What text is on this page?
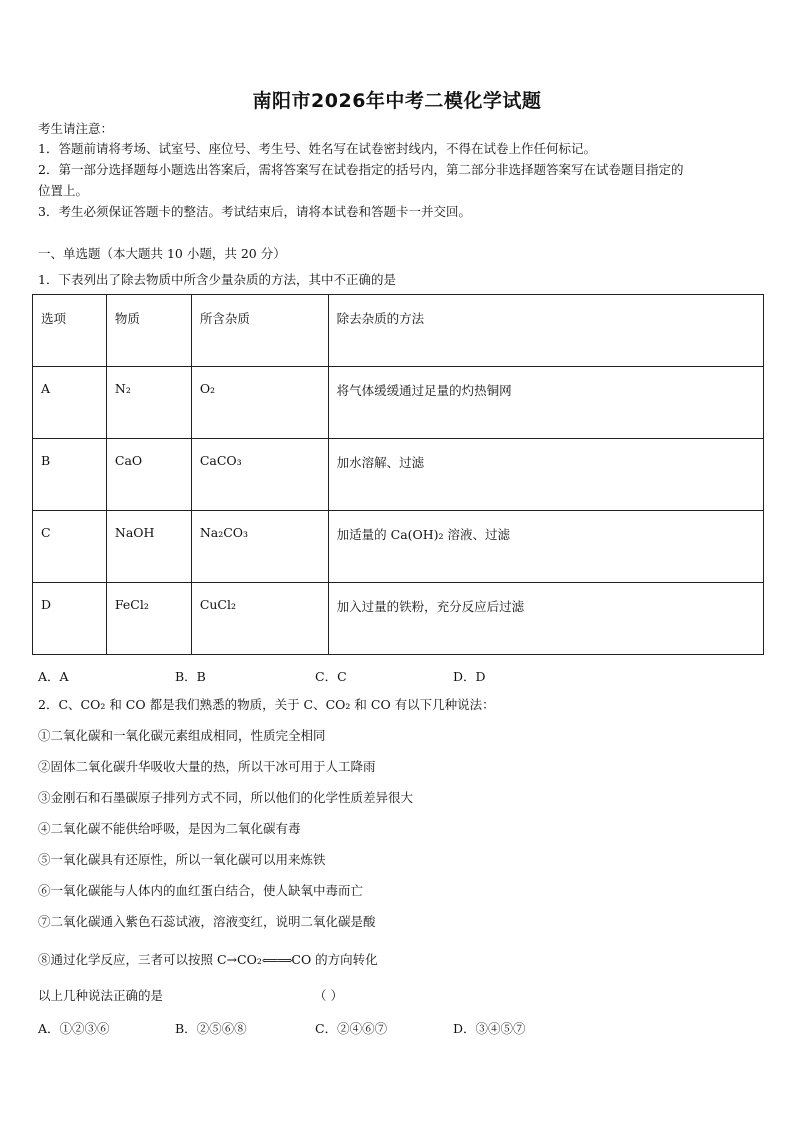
南阳市2026年中考二模化学试题
考生请注意：
1．答题前请将考场、试室号、座位号、考生号、姓名写在试卷密封线内，不得在试卷上作任何标记。
2．第一部分选择题每小题选出答案后，需将答案写在试卷指定的括号内，第二部分非选择题答案写在试卷题目指定的
位置上。
3．考生必须保证答题卡的整洁。考试结束后，请将本试卷和答题卡一并交回。
一、单选题（本大题共 10 小题，共 20 分）
1．下表列出了除去物质中所含少量杂质的方法，其中不正确的是
选项	物质	所含杂质	除去杂质的方法
A	N₂	O₂	将气体缓缓通过足量的灼热铜网
B	CaO	CaCO₃	加水溶解、过滤
C	NaOH	Na₂CO₃	加适量的 Ca(OH)₂ 溶液、过滤
D	FeCl₂	CuCl₂	加入过量的铁粉，充分反应后过滤
A．A	B．B	C．C	D．D
2．C、CO₂ 和 CO 都是我们熟悉的物质，关于 C、CO₂ 和 CO 有以下几种说法：
①二氧化碳和一氧化碳元素组成相同，性质完全相同
②固体二氧化碳升华吸收大量的热，所以干冰可用于人工降雨
③金刚石和石墨碳原子排列方式不同，所以他们的化学性质差异很大
④二氧化碳不能供给呼吸，是因为二氧化碳有毒
⑤一氧化碳具有还原性，所以一氧化碳可以用来炼铁
⑥一氧化碳能与人体内的血红蛋白结合，使人缺氧中毒而亡
⑦二氧化碳通入紫色石蕊试液，溶液变红，说明二氧化碳是酸
⑧通过化学反应，三者可以按照 C→CO₂⟸⟹CO 的方向转化
以上几种说法正确的是	（ ）
A．①②③⑥	B．②⑤⑥⑧	C．②④⑥⑦	D．③④⑤⑦
